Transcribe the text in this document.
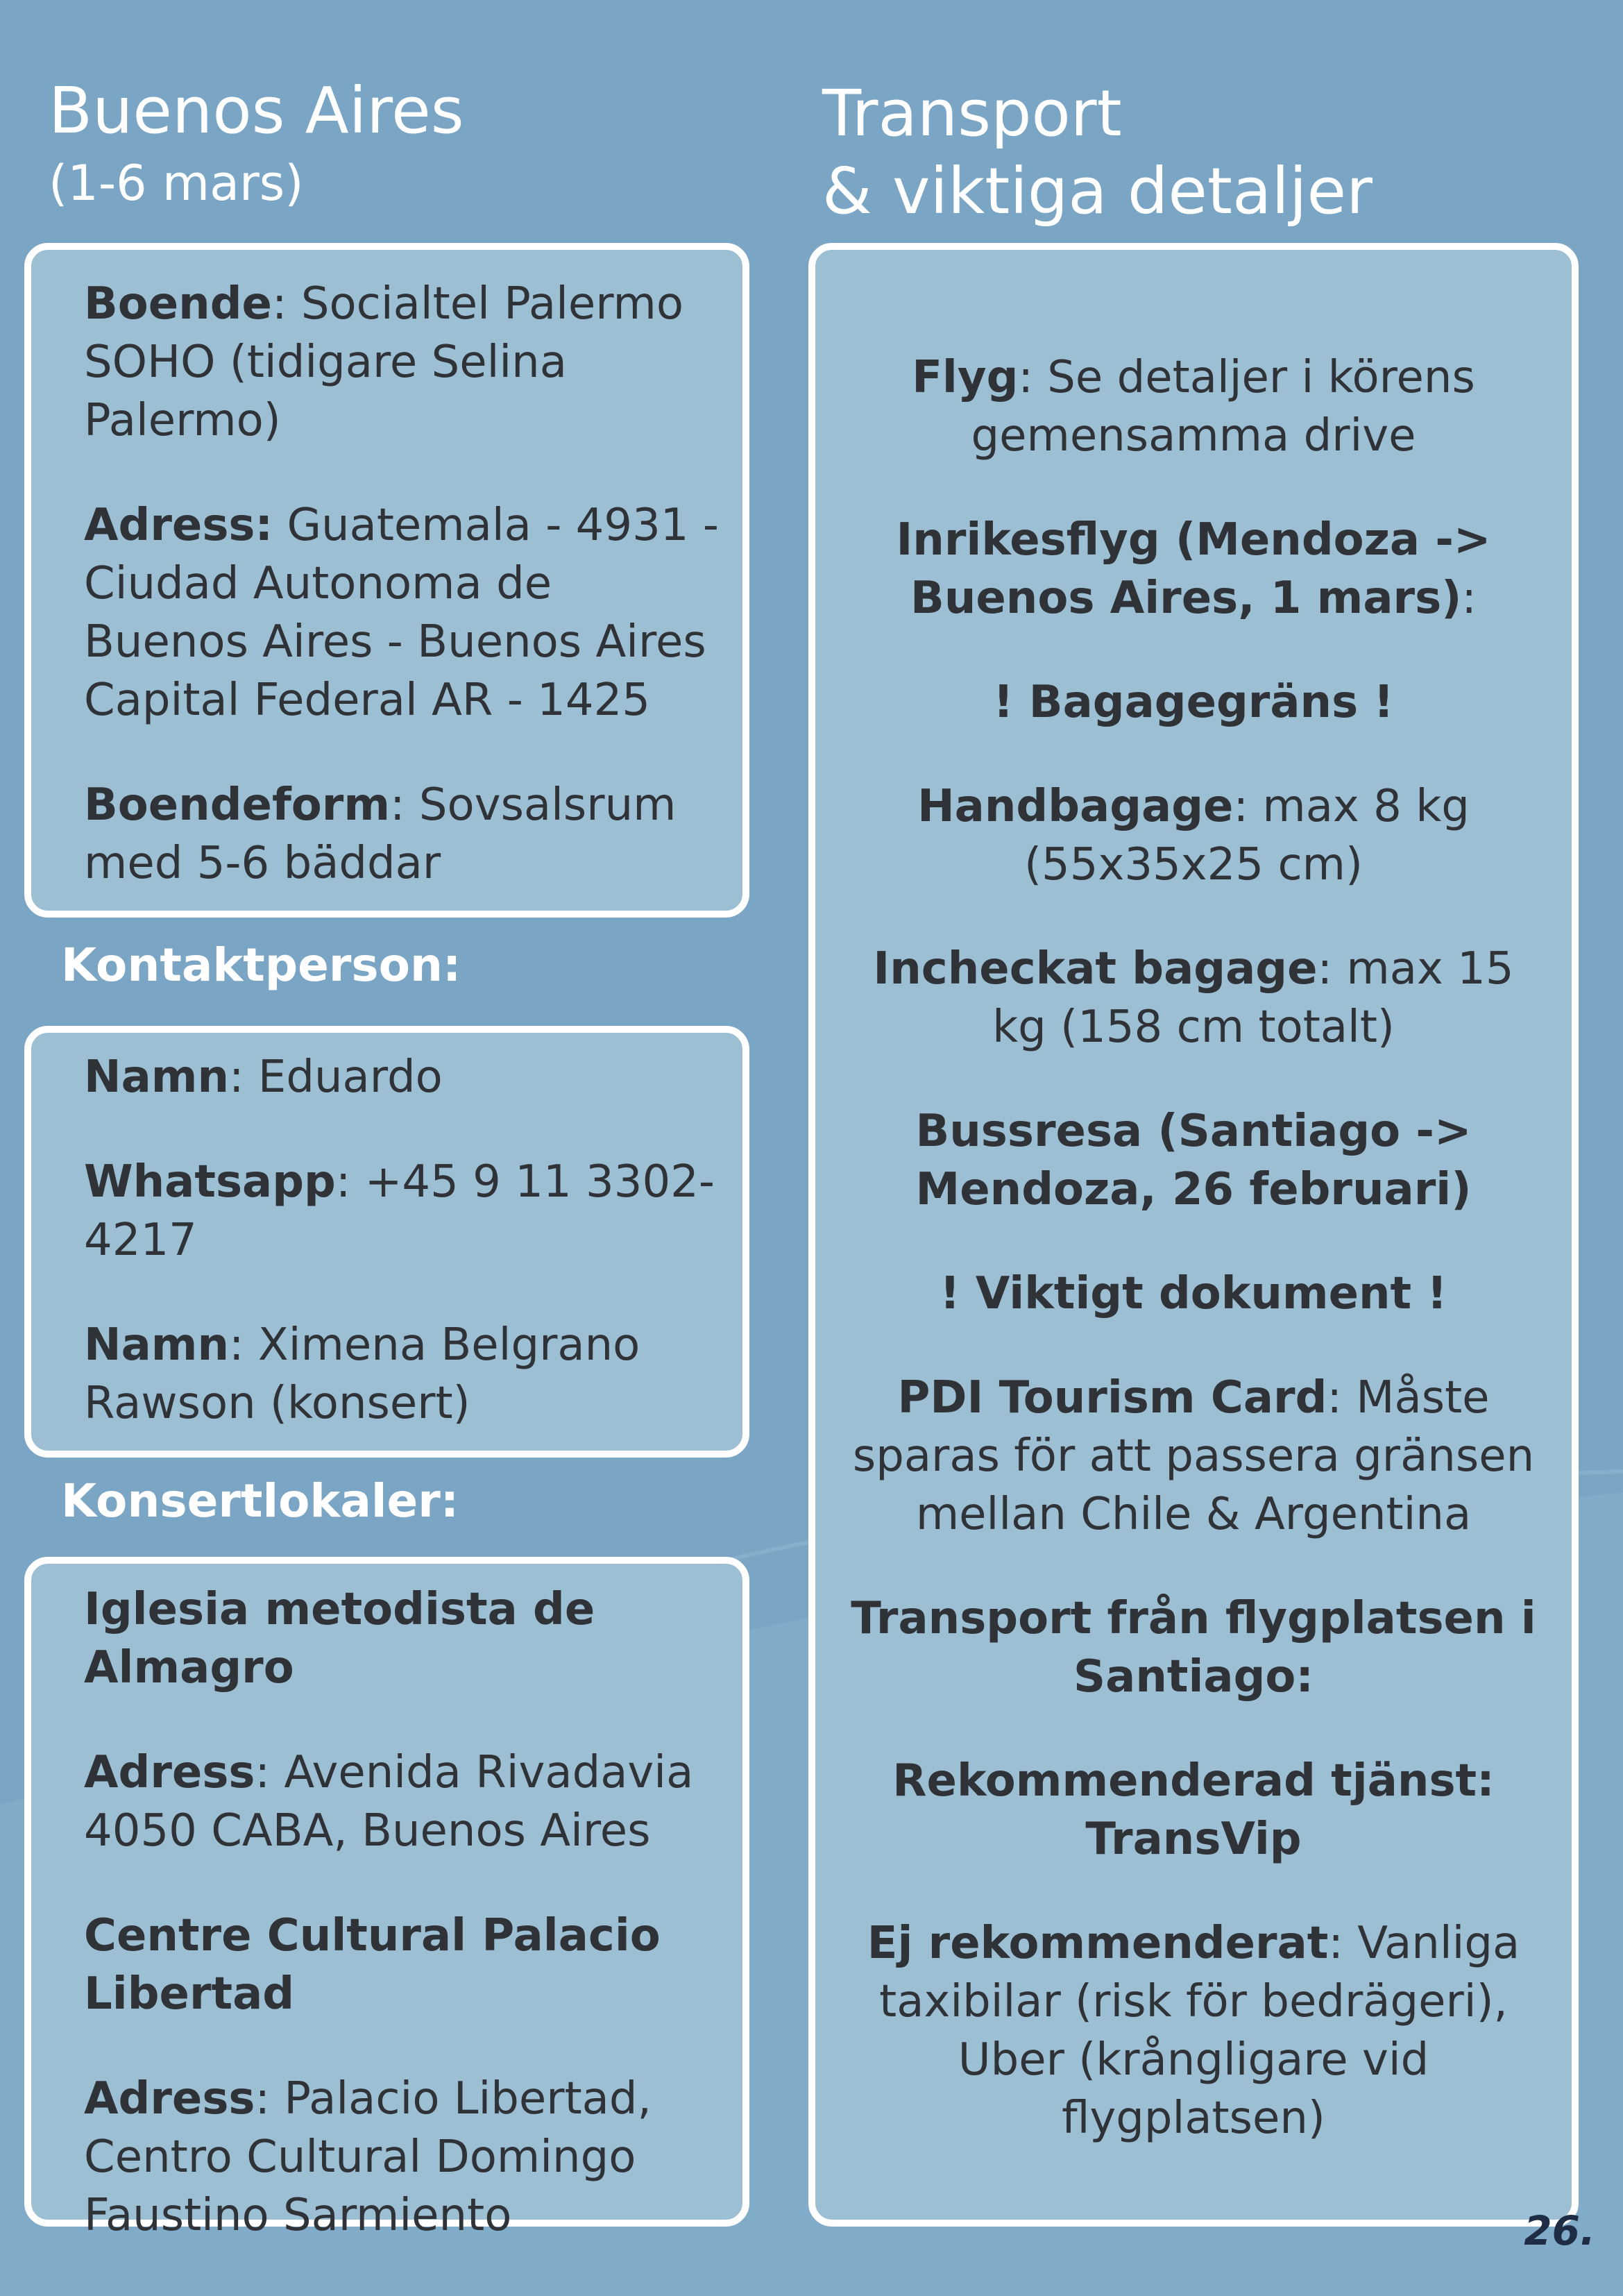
Buenos Aires
(1-6 mars)
Transport
& viktiga detaljer

Boende: Socialtel Palermo SOHO (tidigare Selina Palermo)

Adress: Guatemala - 4931 - Ciudad Autonoma de Buenos Aires - Buenos Aires Capital Federal AR - 1425

Boendeform: Sovsalsrum med 5-6 bäddar

Kontaktperson:

Namn: Eduardo

Whatsapp: +45 9 11 3302-4217

Namn: Ximena Belgrano Rawson (konsert)

Konsertlokaler:

Iglesia metodista de Almagro

Adress: Avenida Rivadavia 4050 CABA, Buenos Aires

Centre Cultural Palacio Libertad

Adress: Palacio Libertad, Centro Cultural Domingo Faustino Sarmiento

Flyg: Se detaljer i körens gemensamma drive

Inrikesflyg (Mendoza -> Buenos Aires, 1 mars):

! Bagagegräns !

Handbagage: max 8 kg (55x35x25 cm)

Incheckat bagage: max 15 kg (158 cm totalt)

Bussresa (Santiago -> Mendoza, 26 februari)

! Viktigt dokument !

PDI Tourism Card: Måste sparas för att passera gränsen mellan Chile & Argentina

Transport från flygplatsen i Santiago:

Rekommenderad tjänst: TransVip

Ej rekommenderat: Vanliga taxibilar (risk för bedrägeri), Uber (krångligare vid flygplatsen)

26.
